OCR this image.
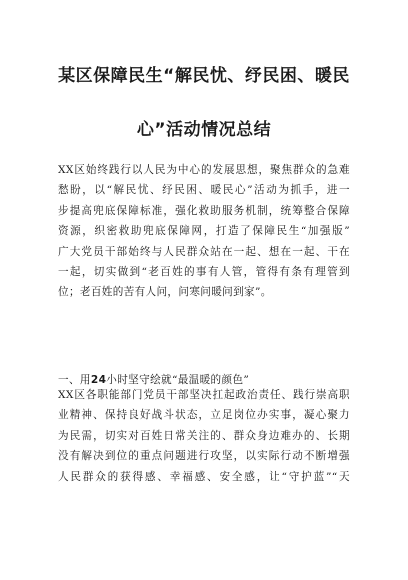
某区保障民生“解民忧、纾民困、暖民
心”活动情况总结
XX区始终践行以人民为中心的发展思想，聚焦群众的急难
愁盼，以“解民忧、纾民困、暖民心”活动为抓手，进一
步提高兜底保障标准，强化救助服务机制，统筹整合保障
资源，织密救助兜底保障网，打造了保障民生“加强版”
广大党员干部始终与人民群众站在一起、想在一起、干在
一起，切实做到“老百姓的事有人管，管得有条有理管到
位；老百姓的苦有人问，问寒问暖问到家”。

一、用24小时坚守绘就“最温暖的颜色”

XX区各职能部门党员干部坚决扛起政治责任、践行崇高职
业精神、保持良好战斗状态，立足岗位办实事，凝心聚力
为民需，切实对百姓日常关注的、群众身边难办的、长期
没有解决到位的重点问题进行攻坚，以实际行动不断增强
人民群众的获得感、幸福感、安全感，让“守护蓝”“天
